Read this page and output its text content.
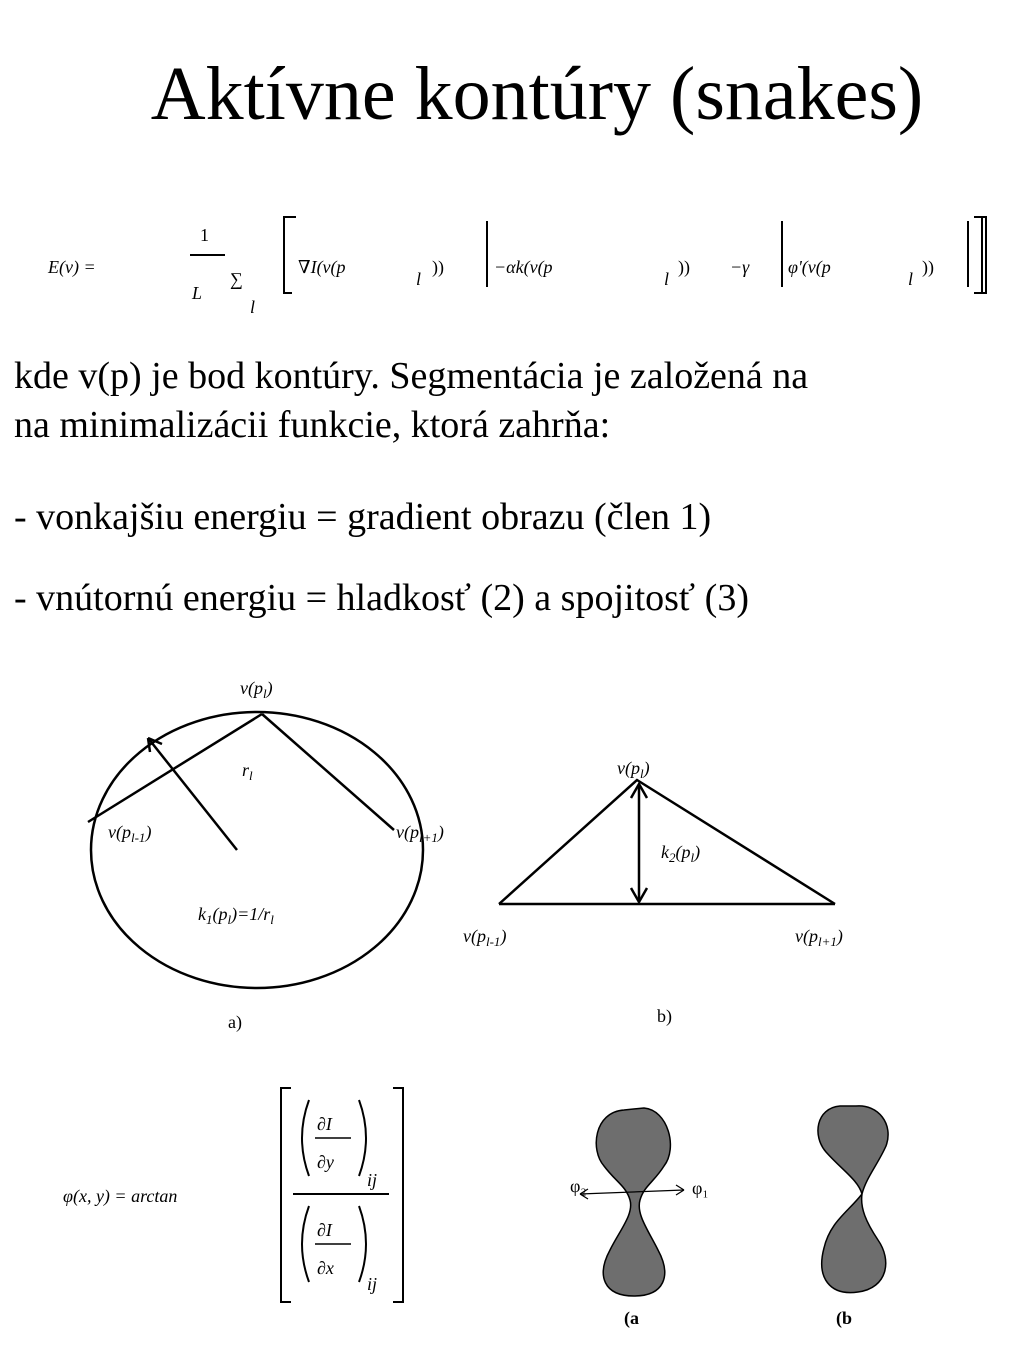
Aktívne kontúry (snakes)
E(ν) =
1
L
∑
l
∇I(ν(p
l
))	−αk(ν(p
l
)) −γ φ'(ν(p
l
))
kde v(p) je bod kontúry. Segmentácia je založená na
na minimalizácii funkcie, ktorá zahrňa:
- vonkajšiu energiu = gradient obrazu (člen 1)
- vnútornú energiu = hladkosť (2) a spojitosť (3)
$v(p_l)$
$r_l$
$v(p_{l-1})$	$v(p_{l+1})$
$k_1(p_l)=1/r_l$
a)
$v(p_l)$
$k_2(p_l)$
$v(p_{l-1})$	$v(p_{l+1})$
b)
φ(x, y) = arctan
∂I
∂y
ij
∂I
∂x
ij
φ₂	φ₁
(a	(b
